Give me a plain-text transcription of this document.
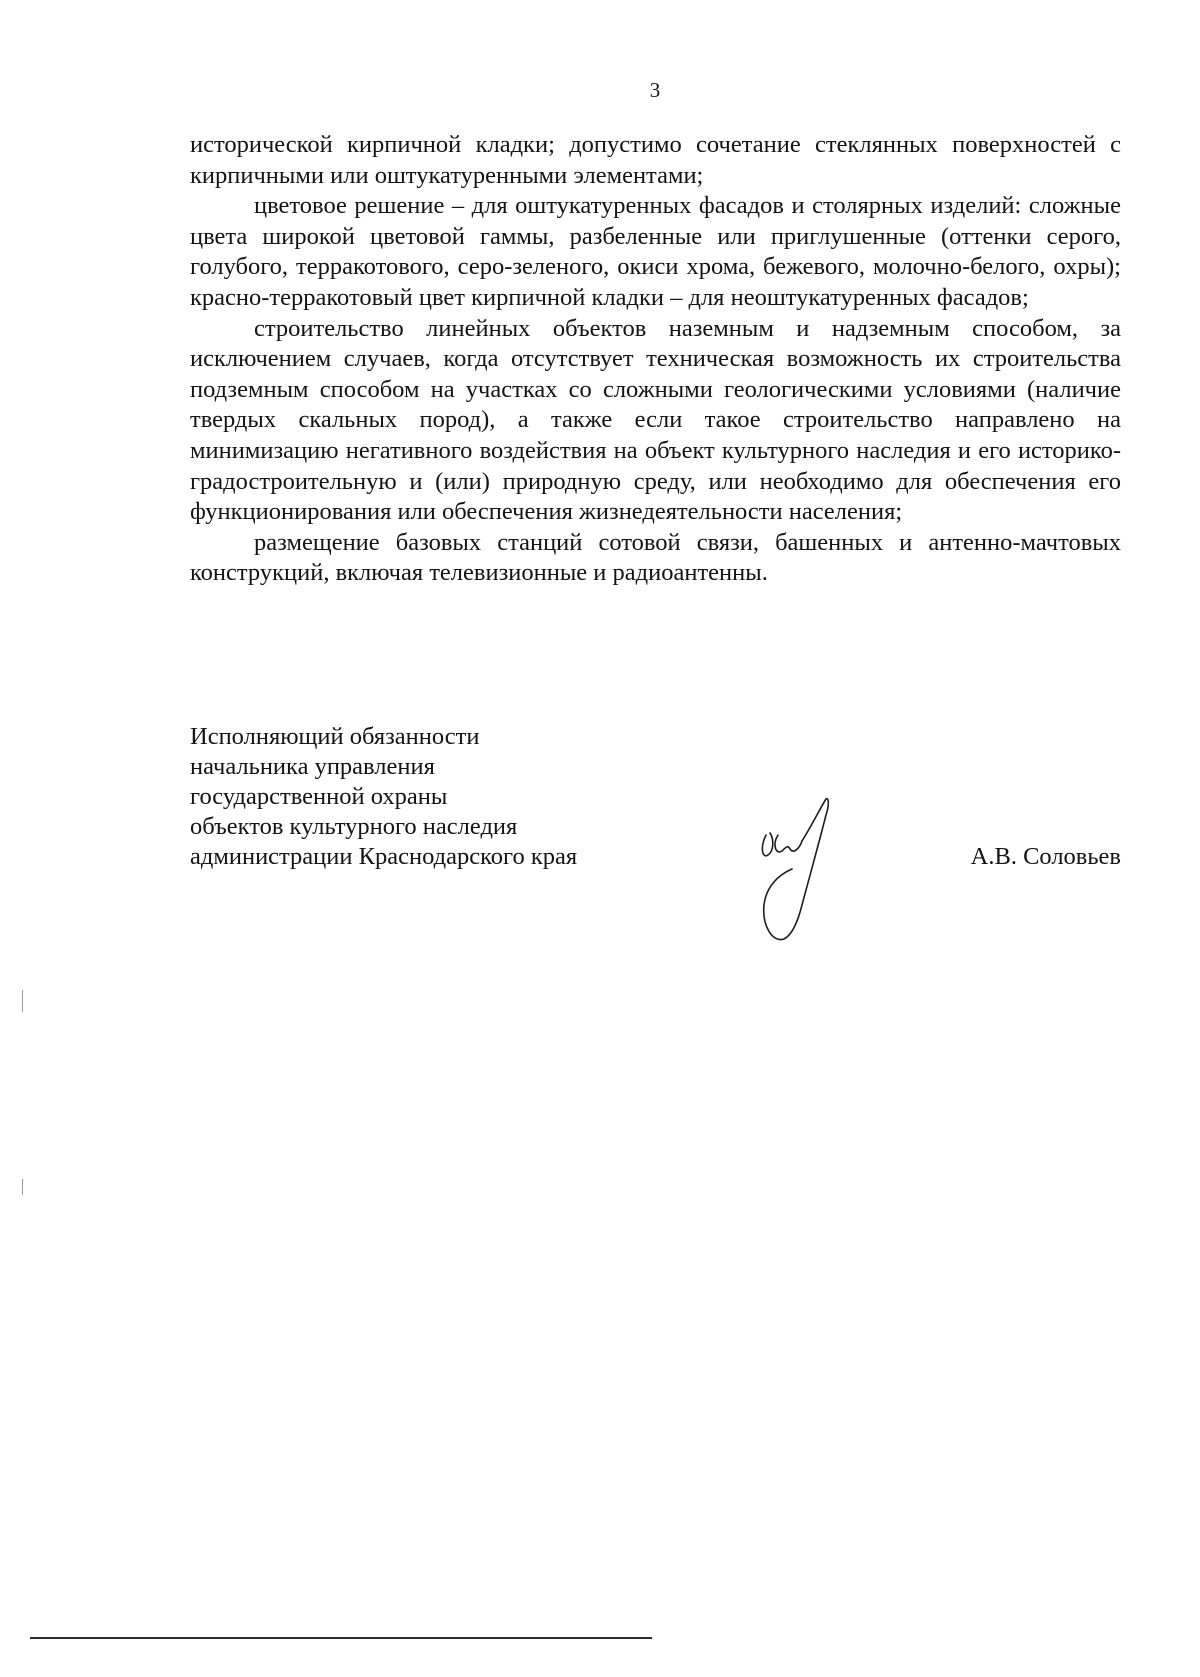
3

исторической кирпичной кладки; допустимо сочетание стеклянных поверхностей с кирпичными или оштукатуренными элементами;

цветовое решение – для оштукатуренных фасадов и столярных изделий: сложные цвета широкой цветовой гаммы, разбеленные или приглушенные (оттенки серого, голубого, терракотового, серо-зеленого, окиси хрома, бежевого, молочно-белого, охры); красно-терракотовый цвет кирпичной кладки – для неоштукатуренных фасадов;

строительство линейных объектов наземным и надземным способом, за исключением случаев, когда отсутствует техническая возможность их строительства подземным способом на участках со сложными геологическими условиями (наличие твердых скальных пород), а также если такое строительство направлено на минимизацию негативного воздействия на объект культурного наследия и его историко-градостроительную и (или) природную среду, или необходимо для обеспечения его функционирования или обеспечения жизнедеятельности населения;

размещение базовых станций сотовой связи, башенных и антенно-мачтовых конструкций, включая телевизионные и радиоантенны.

Исполняющий обязанности
начальника управления
государственной охраны
объектов культурного наследия
администрации Краснодарского края	А.В. Соловьев
